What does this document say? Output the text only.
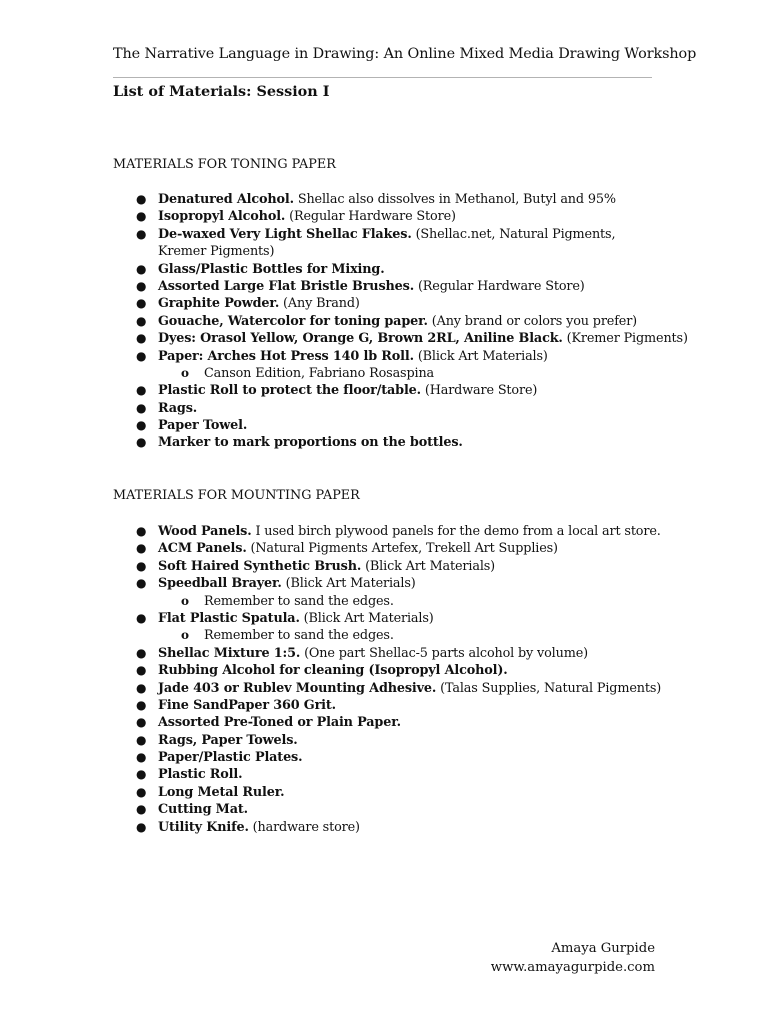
The Narrative Language in Drawing: An Online Mixed Media Drawing Workshop
List of Materials: Session I
MATERIALS FOR TONING PAPER
● Denatured Alcohol. Shellac also dissolves in Methanol, Butyl and 95%
● Isopropyl Alcohol. (Regular Hardware Store)
● De-waxed Very Light Shellac Flakes. (Shellac.net, Natural Pigments, Kremer Pigments)
● Glass/Plastic Bottles for Mixing.
● Assorted Large Flat Bristle Brushes. (Regular Hardware Store)
● Graphite Powder. (Any Brand)
● Gouache, Watercolor for toning paper. (Any brand or colors you prefer)
● Dyes: Orasol Yellow, Orange G, Brown 2RL, Aniline Black. (Kremer Pigments)
● Paper: Arches Hot Press 140 lb Roll. (Blick Art Materials)
o Canson Edition, Fabriano Rosaspina
● Plastic Roll to protect the floor/table. (Hardware Store)
● Rags.
● Paper Towel.
● Marker to mark proportions on the bottles.
MATERIALS FOR MOUNTING PAPER
● Wood Panels. I used birch plywood panels for the demo from a local art store.
● ACM Panels. (Natural Pigments Artefex, Trekell Art Supplies)
● Soft Haired Synthetic Brush. (Blick Art Materials)
● Speedball Brayer. (Blick Art Materials)
o Remember to sand the edges.
● Flat Plastic Spatula. (Blick Art Materials)
o Remember to sand the edges.
● Shellac Mixture 1:5. (One part Shellac-5 parts alcohol by volume)
● Rubbing Alcohol for cleaning (Isopropyl Alcohol).
● Jade 403 or Rublev Mounting Adhesive. (Talas Supplies, Natural Pigments)
● Fine SandPaper 360 Grit.
● Assorted Pre-Toned or Plain Paper.
● Rags, Paper Towels.
● Paper/Plastic Plates.
● Plastic Roll.
● Long Metal Ruler.
● Cutting Mat.
● Utility Knife. (hardware store)
Amaya Gurpide
www.amayagurpide.com
